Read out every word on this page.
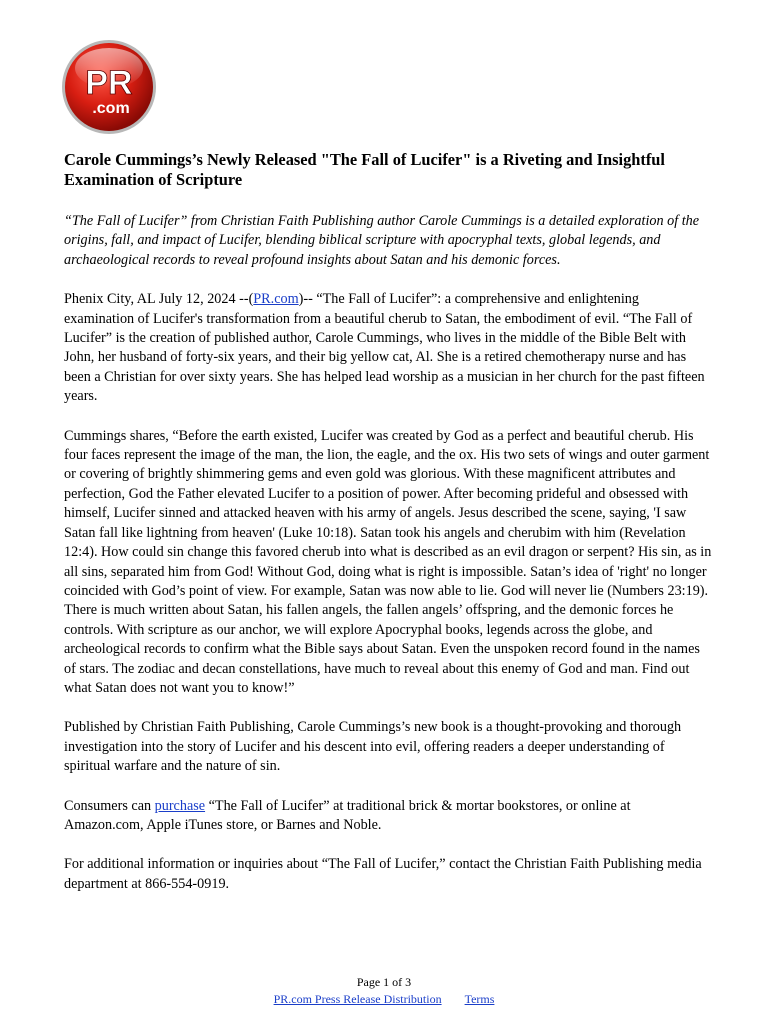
PR
.com
Carole Cummings’s Newly Released "The Fall of Lucifer" is a Riveting and Insightful Examination of Scripture

“The Fall of Lucifer” from Christian Faith Publishing author Carole Cummings is a detailed exploration of the origins, fall, and impact of Lucifer, blending biblical scripture with apocryphal texts, global legends, and archaeological records to reveal profound insights about Satan and his demonic forces.

Phenix City, AL July 12, 2024 --(PR.com)-- “The Fall of Lucifer”: a comprehensive and enlightening examination of Lucifer's transformation from a beautiful cherub to Satan, the embodiment of evil. “The Fall of Lucifer” is the creation of published author, Carole Cummings, who lives in the middle of the Bible Belt with John, her husband of forty-six years, and their big yellow cat, Al. She is a retired chemotherapy nurse and has been a Christian for over sixty years. She has helped lead worship as a musician in her church for the past fifteen years.

Cummings shares, “Before the earth existed, Lucifer was created by God as a perfect and beautiful cherub. His four faces represent the image of the man, the lion, the eagle, and the ox. His two sets of wings and outer garment or covering of brightly shimmering gems and even gold was glorious. With these magnificent attributes and perfection, God the Father elevated Lucifer to a position of power. After becoming prideful and obsessed with himself, Lucifer sinned and attacked heaven with his army of angels. Jesus described the scene, saying, 'I saw Satan fall like lightning from heaven' (Luke 10:18). Satan took his angels and cherubim with him (Revelation 12:4). How could sin change this favored cherub into what is described as an evil dragon or serpent? His sin, as in all sins, separated him from God! Without God, doing what is right is impossible. Satan’s idea of 'right' no longer coincided with God’s point of view. For example, Satan was now able to lie. God will never lie (Numbers 23:19). There is much written about Satan, his fallen angels, the fallen angels’ offspring, and the demonic forces he controls. With scripture as our anchor, we will explore Apocryphal books, legends across the globe, and archeological records to confirm what the Bible says about Satan. Even the unspoken record found in the names of stars. The zodiac and decan constellations, have much to reveal about this enemy of God and man. Find out what Satan does not want you to know!”

Published by Christian Faith Publishing, Carole Cummings’s new book is a thought-provoking and thorough investigation into the story of Lucifer and his descent into evil, offering readers a deeper understanding of spiritual warfare and the nature of sin.

Consumers can purchase “The Fall of Lucifer” at traditional brick & mortar bookstores, or online at Amazon.com, Apple iTunes store, or Barnes and Noble.

For additional information or inquiries about “The Fall of Lucifer,” contact the Christian Faith Publishing media department at 866-554-0919.

Page 1 of 3
PR.com Press Release Distribution Terms
